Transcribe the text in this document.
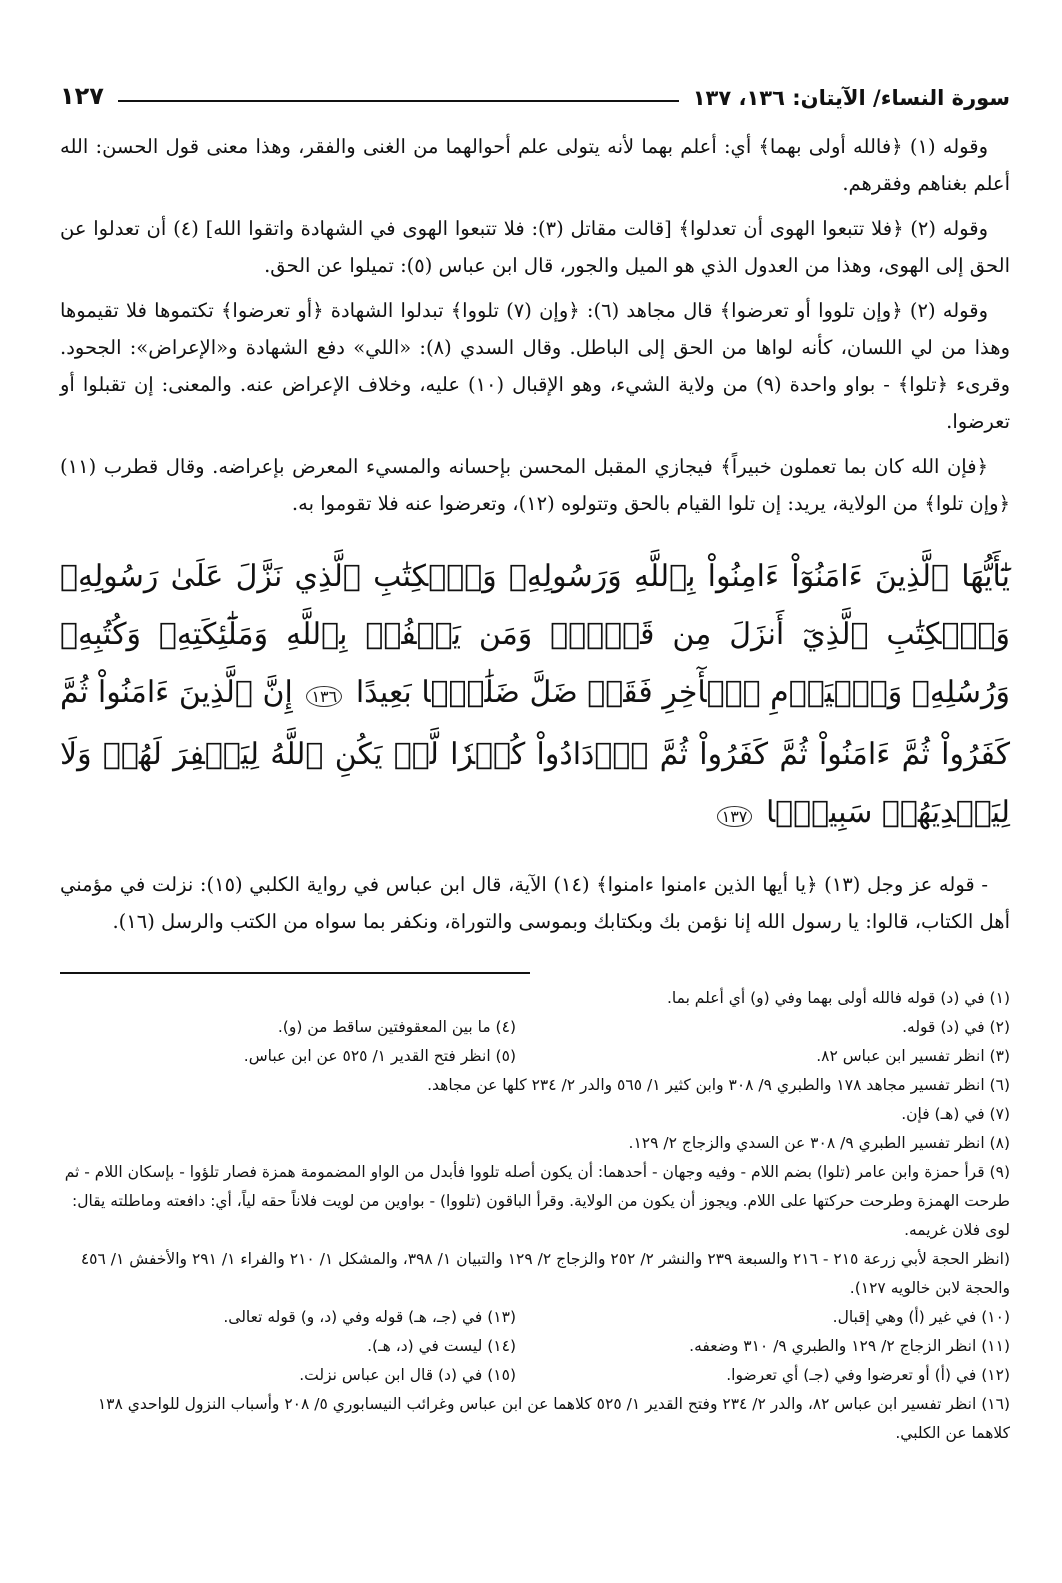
سورة النساء/ الآيتان: ١٣٦، ١٣٧
١٢٧

وقوله (١) ﴿فالله أولى بهما﴾ أي: أعلم بهما لأنه يتولى علم أحوالهما من الغنى والفقر، وهذا معنى قول الحسن: الله أعلم بغناهم وفقرهم.

وقوله (٢) ﴿فلا تتبعوا الهوى أن تعدلوا﴾ [قالت مقاتل (٣): فلا تتبعوا الهوى في الشهادة واتقوا الله] (٤) أن تعدلوا عن الحق إلى الهوى، وهذا من العدول الذي هو الميل والجور، قال ابن عباس (٥): تميلوا عن الحق.

وقوله (٢) ﴿وإن تلووا أو تعرضوا﴾ قال مجاهد (٦): ﴿وإن (٧) تلووا﴾ تبدلوا الشهادة ﴿أو تعرضوا﴾ تكتموها فلا تقيموها وهذا من لي اللسان، كأنه لواها من الحق إلى الباطل. وقال السدي (٨): «اللي» دفع الشهادة و«الإعراض»: الجحود. وقرىء ﴿تلوا﴾ - بواو واحدة (٩) من ولاية الشيء، وهو الإقبال (١٠) عليه، وخلاف الإعراض عنه. والمعنى: إن تقبلوا أو تعرضوا.

﴿فإن الله كان بما تعملون خبيراً﴾ فيجازي المقبل المحسن بإحسانه والمسيء المعرض بإعراضه. وقال قطرب (١١) ﴿وإن تلوا﴾ من الولاية، يريد: إن تلوا القيام بالحق وتتولوه (١٢)، وتعرضوا عنه فلا تقوموا به.

يَٰٓأَيُّهَا ٱلَّذِينَ ءَامَنُوٓاْ ءَامِنُواْ بِٱللَّهِ وَرَسُولِهِۦ وَٱلۡكِتَٰبِ ٱلَّذِي نَزَّلَ عَلَىٰ رَسُولِهِۦ وَٱلۡكِتَٰبِ ٱلَّذِيٓ أَنزَلَ مِن قَبۡلُۚ وَمَن يَكۡفُرۡ بِٱللَّهِ وَمَلَٰٓئِكَتِهِۦ وَكُتُبِهِۦ وَرُسُلِهِۦ وَٱلۡيَوۡمِ ٱلۡأٓخِرِ فَقَدۡ ضَلَّ ضَلَٰلَۢا بَعِيدًا ١٣٦ إِنَّ ٱلَّذِينَ ءَامَنُواْ ثُمَّ كَفَرُواْ ثُمَّ ءَامَنُواْ ثُمَّ كَفَرُواْ ثُمَّ ٱزۡدَادُواْ كُفۡرٗا لَّمۡ يَكُنِ ٱللَّهُ لِيَغۡفِرَ لَهُمۡ وَلَا لِيَهۡدِيَهُمۡ سَبِيلَۢا ١٣٧

- قوله عز وجل (١٣) ﴿يا أيها الذين ءامنوا ءامنوا﴾ (١٤) الآية، قال ابن عباس في رواية الكلبي (١٥): نزلت في مؤمني أهل الكتاب، قالوا: يا رسول الله إنا نؤمن بك وبكتابك وبموسى والتوراة، ونكفر بما سواه من الكتب والرسل (١٦).

(١) في (د) قوله فالله أولى بهما وفي (و) أي أعلم بما.

(٢) في (د) قوله.
(٤) ما بين المعقوفتين ساقط من (و).
(٣) انظر تفسير ابن عباس ٨٢.
(٥) انظر فتح القدير ١/ ٥٢٥ عن ابن عباس.

(٦) انظر تفسير مجاهد ١٧٨ والطبري ٩/ ٣٠٨ وابن كثير ١/ ٥٦٥ والدر ٢/ ٢٣٤ كلها عن مجاهد.

(٧) في (هـ) فإن.

(٨) انظر تفسير الطبري ٩/ ٣٠٨ عن السدي والزجاج ٢/ ١٢٩.

(٩) قرأ حمزة وابن عامر (تلوا) بضم اللام - وفيه وجهان - أحدهما: أن يكون أصله تلووا فأبدل من الواو المضمومة همزة فصار تلؤوا - بإسكان اللام - ثم طرحت الهمزة وطرحت حركتها على اللام. ويجوز أن يكون من الولاية. وقرأ الباقون (تلووا) - بواوين من لويت فلاناً حقه لياً، أي: دافعته وماطلته يقال: لوى فلان غريمه.

(انظر الحجة لأبي زرعة ٢١٥ - ٢١٦ والسبعة ٢٣٩ والنشر ٢/ ٢٥٢ والزجاج ٢/ ١٢٩ والتبيان ١/ ٣٩٨، والمشكل ١/ ٢١٠ والفراء ١/ ٢٩١ والأخفش ١/ ٤٥٦ والحجة لابن خالويه ١٢٧).

(١٠) في غير (أ) وهي إقبال.
(١٣) في (جـ، هـ) قوله وفي (د، و) قوله تعالى.
(١١) انظر الزجاج ٢/ ١٢٩ والطبري ٩/ ٣١٠ وضعفه.
(١٤) ليست في (د، هـ).
(١٢) في (أ) أو تعرضوا وفي (جـ) أي تعرضوا.
(١٥) في (د) قال ابن عباس نزلت.

(١٦) انظر تفسير ابن عباس ٨٢، والدر ٢/ ٢٣٤ وفتح القدير ١/ ٥٢٥ كلاهما عن ابن عباس وغرائب النيسابوري ٥/ ٢٠٨ وأسباب النزول للواحدي ١٣٨ كلاهما عن الكلبي.
